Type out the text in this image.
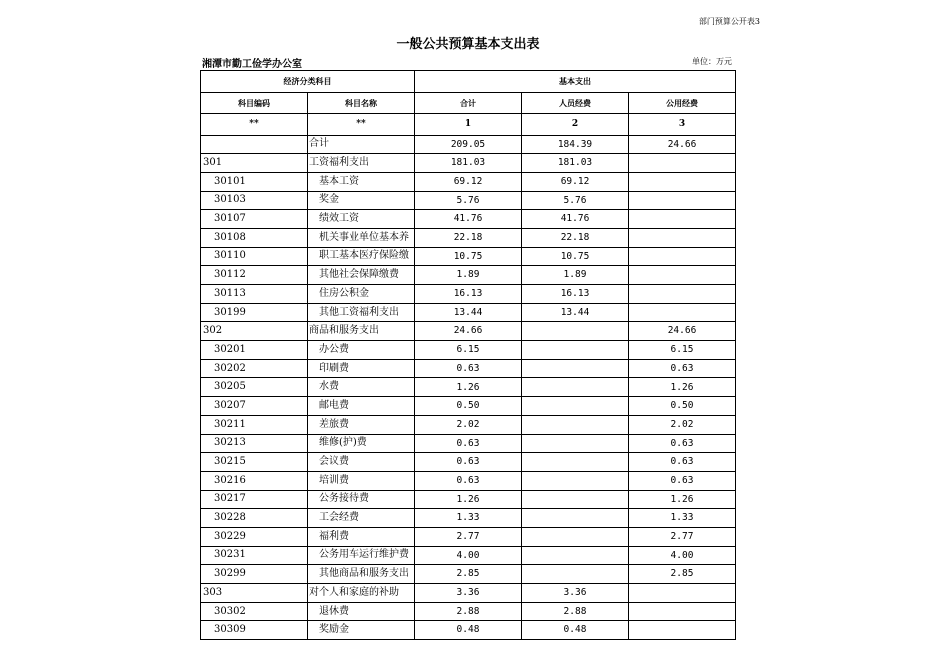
部门预算公开表3
一般公共预算基本支出表
湘潭市勤工俭学办公室	单位：万元
经济分类科目		基本支出		
科目编码	科目名称	合计	人员经费	公用经费
**	**	1	2	3
	合计	209.05	184.39	24.66
301	工资福利支出	181.03	181.03	
30101	基本工资	69.12	69.12	
30103	奖金	5.76	5.76	
30107	绩效工资	41.76	41.76	
30108	机关事业单位基本养	22.18	22.18	
30110	职工基本医疗保险缴	10.75	10.75	
30112	其他社会保障缴费	1.89	1.89	
30113	住房公积金	16.13	16.13	
30199	其他工资福利支出	13.44	13.44	
302	商品和服务支出	24.66		24.66
30201	办公费	6.15		6.15
30202	印刷费	0.63		0.63
30205	水费	1.26		1.26
30207	邮电费	0.50		0.50
30211	差旅费	2.02		2.02
30213	维修(护)费	0.63		0.63
30215	会议费	0.63		0.63
30216	培训费	0.63		0.63
30217	公务接待费	1.26		1.26
30228	工会经费	1.33		1.33
30229	福利费	2.77		2.77
30231	公务用车运行维护费	4.00		4.00
30299	其他商品和服务支出	2.85		2.85
303	对个人和家庭的补助	3.36	3.36	
30302	退休费	2.88	2.88	
30309	奖励金	0.48	0.48	
